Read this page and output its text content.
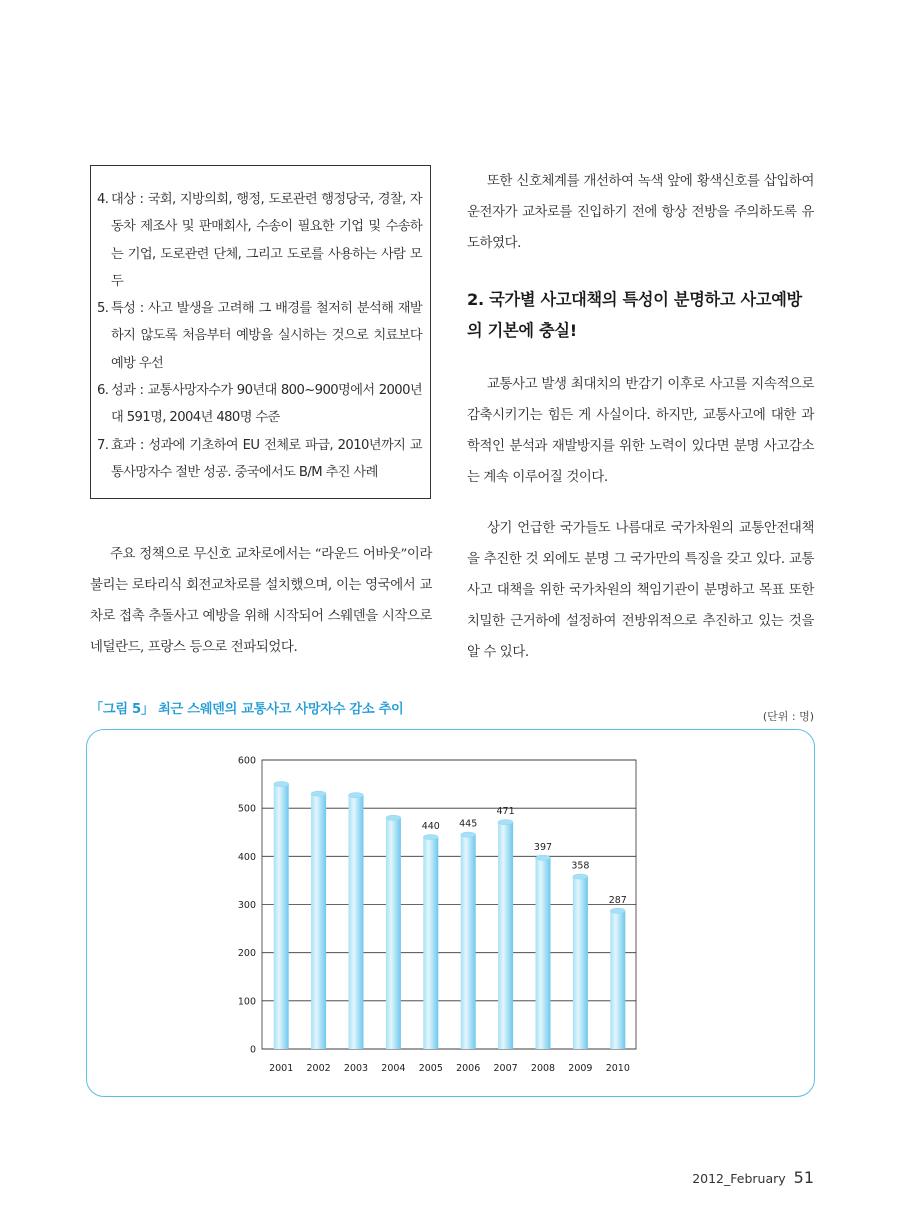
4. 대상 : 국회, 지방의회, 행정, 도로관련 행정당국, 경찰, 자동차 제조사 및 판매회사, 수송이 필요한 기업 및 수송하는 기업, 도로관련 단체, 그리고 도로를 사용하는 사람 모두
5. 특성 : 사고 발생을 고려해 그 배경를 철저히 분석해 재발하지 않도록 처음부터 예방을 실시하는 것으로 치료보다 예방 우선
6. 성과 : 교통사망자수가 90년대 800~900명에서 2000년대 591명, 2004년 480명 수준
7. 효과 : 성과에 기초하여 EU 전체로 파급, 2010년까지 교통사망자수 절반 성공. 중국에서도 B/M 추진 사례

주요 정책으로 무신호 교차로에서는 “라운드 어바웃”이라 불리는 로타리식 회전교차로를 설치했으며, 이는 영국에서 교차로 접촉 추돌사고 예방을 위해 시작되어 스웨덴을 시작으로 네덜란드, 프랑스 등으로 전파되었다.

또한 신호체계를 개선하여 녹색 앞에 황색신호를 삽입하여 운전자가 교차로를 진입하기 전에 항상 전방을 주의하도록 유도하였다.

2. 국가별 사고대책의 특성이 분명하고 사고예방의 기본에 충실!

교통사고 발생 최대치의 반감기 이후로 사고를 지속적으로 감축시키기는 힘든 게 사실이다. 하지만, 교통사고에 대한 과학적인 분석과 재발방지를 위한 노력이 있다면 분명 사고감소는 계속 이루어질 것이다.

상기 언급한 국가들도 나름대로 국가차원의 교통안전대책을 추진한 것 외에도 분명 그 국가만의 특징을 갖고 있다. 교통사고 대책을 위한 국가차원의 책임기관이 분명하고 목표 또한 치밀한 근거하에 설정하여 전방위적으로 추진하고 있는 것을 알 수 있다.

「그림 5」 최근 스웨덴의 교통사고 사망자수 감소 추이	(단위 : 명)
0
100
200
300
400
500
600
2001 2002 2003 2004
440
2005
445
2006
471
2007
397
2008
358
2009
287
2010
2012_February 51
